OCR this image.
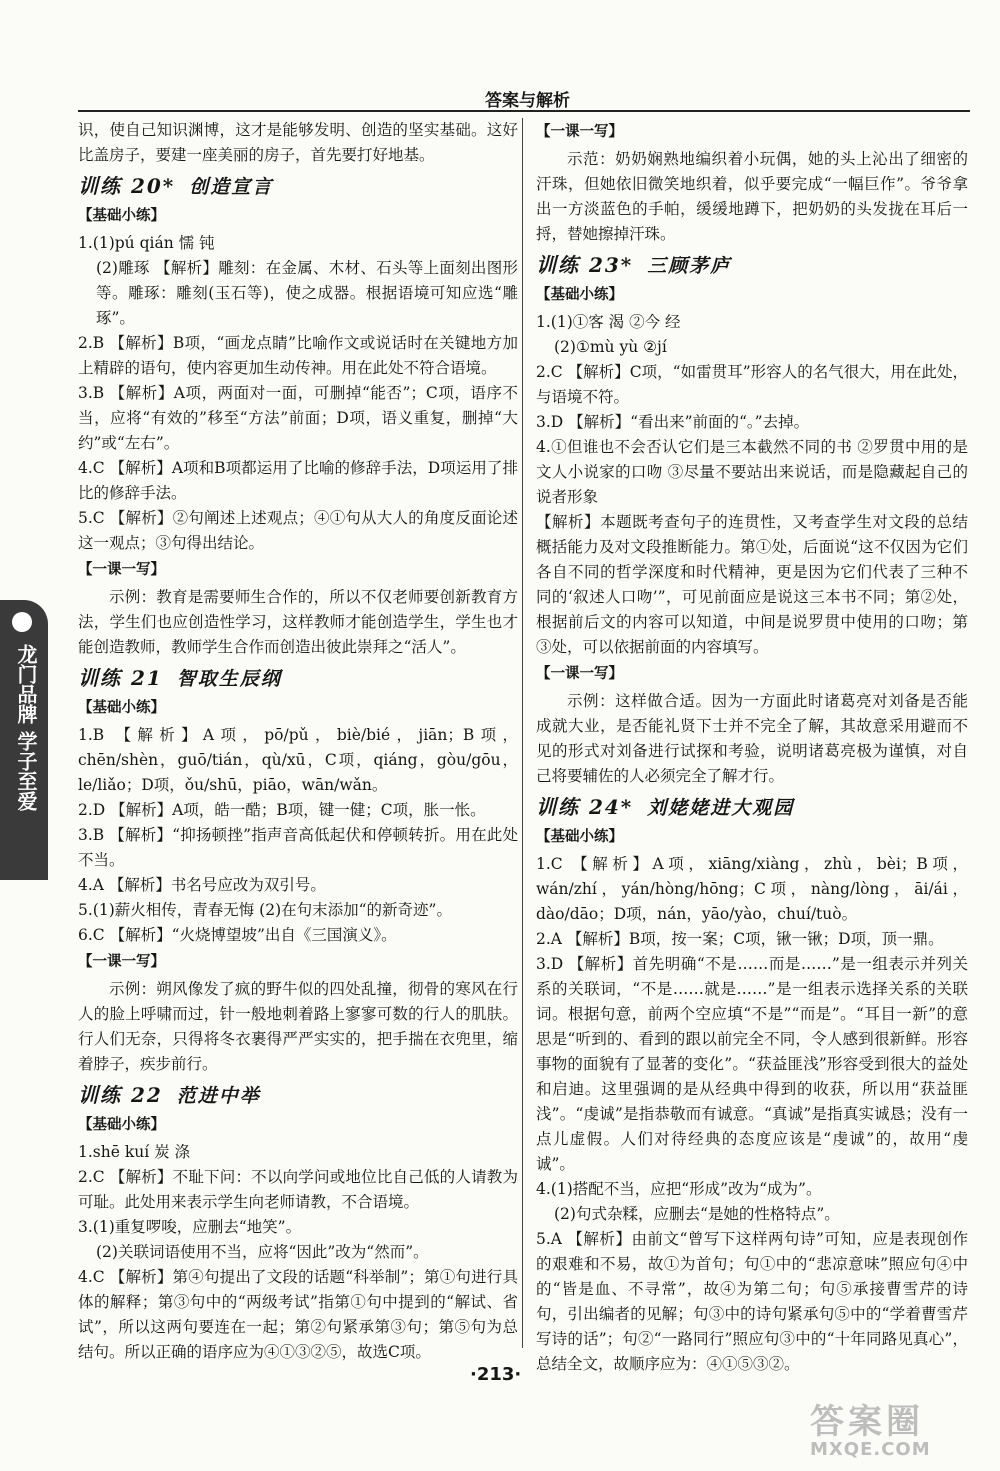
答案与解析
龙门品牌 学子至爱

识，使自己知识渊博，这才是能够发明、创造的坚实基础。这好比盖房子，要建一座美丽的房子，首先要打好地基。

训练 20* 创造宣言

【基础小练】

1.(1)pú qián 懦 钝

(2)雕琢 【解析】雕刻：在金属、木材、石头等上面刻出图形等。雕琢：雕刻(玉石等)，使之成器。根据语境可知应选“雕琢”。

2.B 【解析】B项，“画龙点睛”比喻作文或说话时在关键地方加上精辟的语句，使内容更加生动传神。用在此处不符合语境。

3.B 【解析】A项，两面对一面，可删掉“能否”；C项，语序不当，应将“有效的”移至“方法”前面；D项，语义重复，删掉“大约”或“左右”。

4.C 【解析】A项和B项都运用了比喻的修辞手法，D项运用了排比的修辞手法。

5.C 【解析】②句阐述上述观点；④①句从大人的角度反面论述这一观点；③句得出结论。

【一课一写】

示例：教育是需要师生合作的，所以不仅老师要创新教育方法，学生们也应创造性学习，这样教师才能创造学生，学生也才能创造教师，教师学生合作而创造出彼此崇拜之“活人”。

训练 21 智取生辰纲

【基础小练】

1.B 【解析】A项，pō/pǔ，biè/bié，jiān；B项，chēn/shèn，guō/tián，qù/xū，C项，qiáng，gòu/gōu，le/liǎo；D项，ǒu/shū，piāo，wān/wǎn。

2.D 【解析】A项，皓一酷；B项，键一健；C项，胀一怅。

3.B 【解析】“抑扬顿挫”指声音高低起伏和停顿转折。用在此处不当。

4.A 【解析】书名号应改为双引号。

5.(1)薪火相传，青春无悔 (2)在句末添加“的新奇迹”。

6.C 【解析】“火烧博望坡”出自《三国演义》。

【一课一写】

示例：朔风像发了疯的野牛似的四处乱撞，彻骨的寒风在行人的脸上呼啸而过，针一般地刺着路上寥寥可数的行人的肌肤。行人们无奈，只得将冬衣裹得严严实实的，把手揣在衣兜里，缩着脖子，疾步前行。

训练 22 范进中举

【基础小练】

1.shē kuí 炭 涤

2.C 【解析】不耻下问：不以向学问或地位比自己低的人请教为可耻。此处用来表示学生向老师请教，不合语境。

3.(1)重复啰唆，应删去“地笑”。

(2)关联词语使用不当，应将“因此”改为“然而”。

4.C 【解析】第④句提出了文段的话题“科举制”；第①句进行具体的解释；第③句中的“两级考试”指第①句中提到的“解试、省试”，所以这两句要连在一起；第②句紧承第③句；第⑤句为总结句。所以正确的语序应为④①③②⑤，故选C项。

【一课一写】

示范：奶奶娴熟地编织着小玩偶，她的头上沁出了细密的汗珠，但她依旧微笑地织着，似乎要完成“一幅巨作”。爷爷拿出一方淡蓝色的手帕，缓缓地蹲下，把奶奶的头发拢在耳后一捋，替她擦掉汗珠。

训练 23* 三顾茅庐

【基础小练】

1.(1)①客 渴 ②今 经

(2)①mù yù ②jí

2.C 【解析】C项，“如雷贯耳”形容人的名气很大，用在此处，与语境不符。

3.D 【解析】“看出来”前面的“。”去掉。

4.①但谁也不会否认它们是三本截然不同的书 ②罗贯中用的是文人小说家的口吻 ③尽量不要站出来说话，而是隐藏起自己的说者形象

【解析】本题既考查句子的连贯性，又考查学生对文段的总结概括能力及对文段推断能力。第①处，后面说“这不仅因为它们各自不同的哲学深度和时代精神，更是因为它们代表了三种不同的‘叙述人口吻’”，可见前面应是说这三本书不同；第②处，根据前后文的内容可以知道，中间是说罗贯中使用的口吻；第③处，可以依据前面的内容填写。

【一课一写】

示例：这样做合适。因为一方面此时诸葛亮对刘备是否能成就大业，是否能礼贤下士并不完全了解，其故意采用避而不见的形式对刘备进行试探和考验，说明诸葛亮极为谨慎，对自己将要辅佐的人必须完全了解才行。

训练 24* 刘姥姥进大观园

【基础小练】

1.C 【解析】A项，xiāng/xiàng，zhù，bèi；B项，wán/zhí，yán/hòng/hōng；C项，nàng/lòng，āi/ái，dào/dāo；D项，nán，yāo/yào，chuí/tuò。

2.A 【解析】B项，按一案；C项，锹一锹；D项，顶一鼎。

3.D 【解析】首先明确“不是……而是……”是一组表示并列关系的关联词，“不是……就是……”是一组表示选择关系的关联词。根据句意，前两个空应填“不是”“而是”。“耳目一新”的意思是“听到的、看到的跟以前完全不同，令人感到很新鲜。形容事物的面貌有了显著的变化”。“获益匪浅”形容受到很大的益处和启迪。这里强调的是从经典中得到的收获，所以用“获益匪浅”。“虔诚”是指恭敬而有诚意。“真诚”是指真实诚恳；没有一点儿虚假。人们对待经典的态度应该是“虔诚”的，故用“虔诚”。

4.(1)搭配不当，应把“形成”改为“成为”。

(2)句式杂糅，应删去“是她的性格特点”。

5.A 【解析】由前文“曾写下这样两句诗”可知，应是表现创作的艰难和不易，故①为首句；句①中的“悲凉意味”照应句④中的“皆是血、不寻常”，故④为第二句；句⑤承接曹雪芹的诗句，引出编者的见解；句③中的诗句紧承句⑤中的“学着曹雪芹写诗的话”；句②“一路同行”照应句③中的“十年同路见真心”，总结全文，故顺序应为：④①⑤③②。

·213·
答案圈
MXQE.COM
